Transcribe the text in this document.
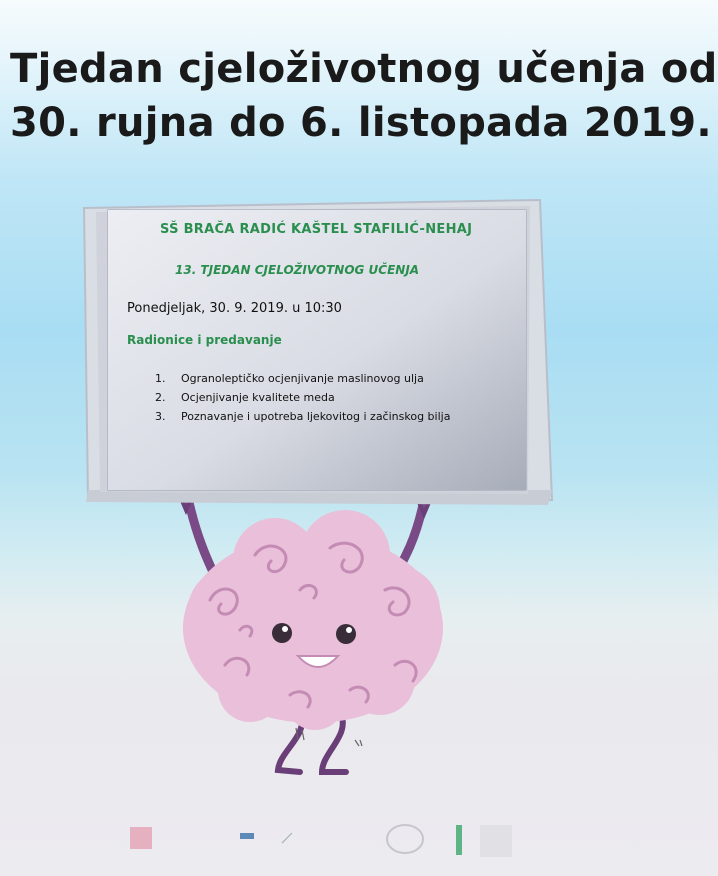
Tjedan cjeloživotnog učenja od
30. rujna do 6. listopada 2019.
SŠ BRAČA RADIĆ KAŠTEL STAFILIĆ-NEHAJ
13. TJEDAN CJELOŽIVOTNOG UČENJA
Ponedjeljak, 30. 9. 2019. u 10:30
Radionice i predavanje
1. Ogranoleptičko ocjenjivanje maslinovog ulja
2. Ocjenjivanje kvalitete meda
3. Poznavanje i upotreba ljekovitog i začinskog bilja
